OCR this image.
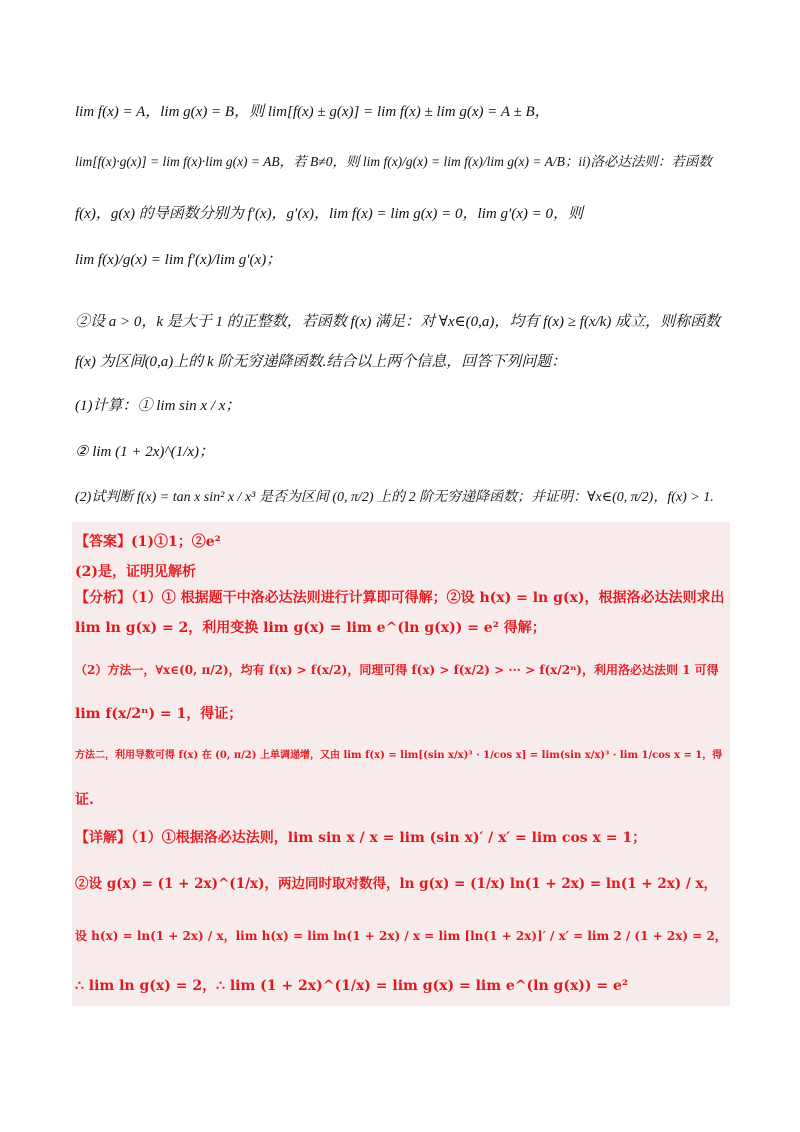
lim f(x) = A，lim g(x) = B，则 lim[f(x) ± g(x)] = lim f(x) ± lim g(x) = A ± B，
lim[f(x)·g(x)] = lim f(x)·lim g(x) = AB，若 B≠0，则 lim f(x)/g(x) = lim f(x)/lim g(x) = A/B；ii)洛必达法则：若函数
f(x)，g(x) 的导函数分别为 f′(x)，g′(x)，lim f(x) = lim g(x) = 0，lim g′(x) = 0，则
lim f(x)/g(x) = lim f′(x)/lim g′(x)；
②设 a > 0，k 是大于 1 的正整数，若函数 f(x) 满足：对 ∀x∈(0,a)，均有 f(x) ≥ f(x/k) 成立，则称函数
f(x) 为区间(0,a)上的 k 阶无穷递降函数.结合以上两个信息，回答下列问题：
(1)计算：① lim sin x / x；
② lim (1 + 2x)^(1/x)；
(2)试判断 f(x) = tan x sin² x / x³ 是否为区间 (0, π/2) 上的 2 阶无穷递降函数；并证明：∀x∈(0, π/2)，f(x) > 1.
【答案】(1)①1；②e²
(2)是，证明见解析
【分析】（1）① 根据题干中洛必达法则进行计算即可得解；②设 h(x) = ln g(x)，根据洛必达法则求出
lim ln g(x) = 2，利用变换 lim g(x) = lim e^(ln g(x)) = e² 得解；
（2）方法一，∀x∈(0, π/2)，均有 f(x) > f(x/2)，同理可得 f(x) > f(x/2) > ··· > f(x/2ⁿ)，利用洛必达法则 1 可得
lim f(x/2ⁿ) = 1，得证；
方法二，利用导数可得 f(x) 在 (0, π/2) 上单调递增，又由 lim f(x) = lim[(sin x/x)³ · 1/cos x] = lim(sin x/x)³ · lim 1/cos x = 1，得
证.
【详解】（1）①根据洛必达法则，lim sin x / x = lim (sin x)′ / x′ = lim cos x = 1；
②设 g(x) = (1 + 2x)^(1/x)，两边同时取对数得，ln g(x) = (1/x) ln(1 + 2x) = ln(1 + 2x) / x，
设 h(x) = ln(1 + 2x) / x，lim h(x) = lim ln(1 + 2x) / x = lim [ln(1 + 2x)]′ / x′ = lim 2 / (1 + 2x) = 2，
∴ lim ln g(x) = 2，∴ lim (1 + 2x)^(1/x) = lim g(x) = lim e^(ln g(x)) = e²
